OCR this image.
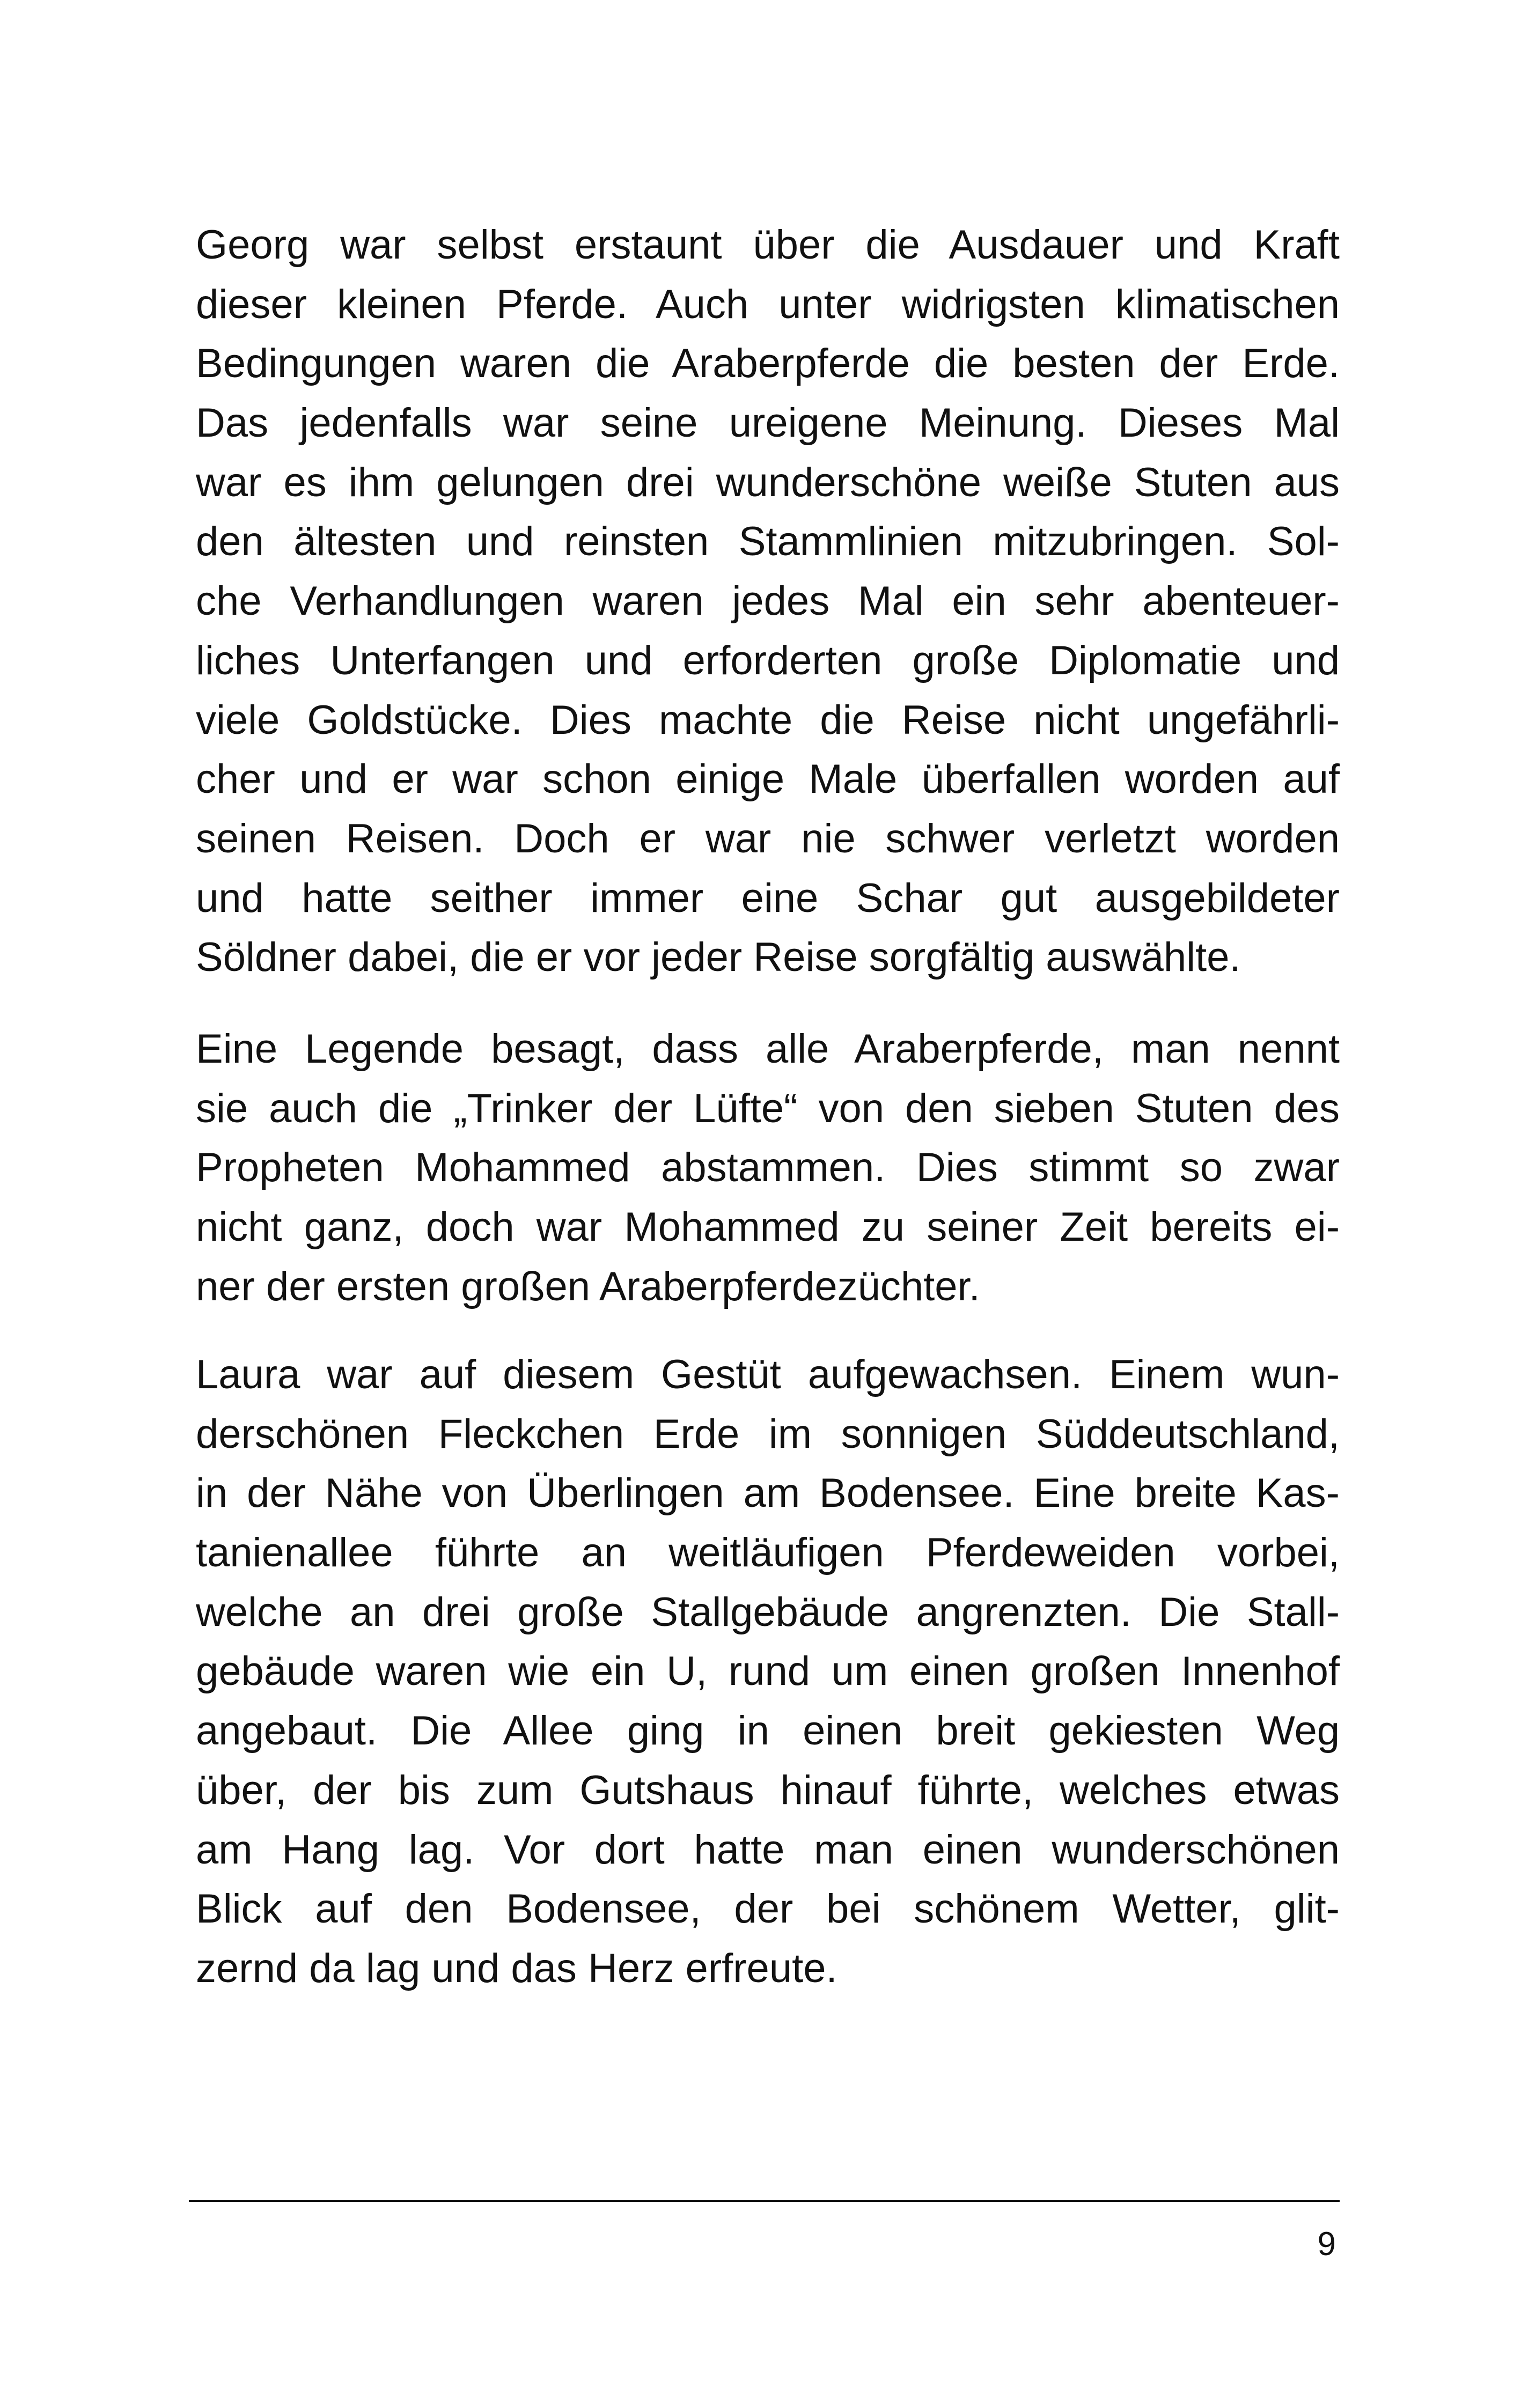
Georg war selbst erstaunt über die Ausdauer und Kraft
dieser kleinen Pferde. Auch unter widrigsten klimatischen
Bedingungen waren die Araberpferde die besten der Erde.
Das jedenfalls war seine ureigene Meinung. Dieses Mal
war es ihm gelungen drei wunderschöne weiße Stuten aus
den ältesten und reinsten Stammlinien mitzubringen. Sol-
che Verhandlungen waren jedes Mal ein sehr abenteuer-
liches Unterfangen und erforderten große Diplomatie und
viele Goldstücke. Dies machte die Reise nicht ungefährli-
cher und er war schon einige Male überfallen worden auf
seinen Reisen. Doch er war nie schwer verletzt worden
und hatte seither immer eine Schar gut ausgebildeter
Söldner dabei, die er vor jeder Reise sorgfältig auswählte.
Eine Legende besagt, dass alle Araberpferde, man nennt
sie auch die „Trinker der Lüfte“ von den sieben Stuten des
Propheten Mohammed abstammen. Dies stimmt so zwar
nicht ganz, doch war Mohammed zu seiner Zeit bereits ei-
ner der ersten großen Araberpferdezüchter.
Laura war auf diesem Gestüt aufgewachsen. Einem wun-
derschönen Fleckchen Erde im sonnigen Süddeutschland,
in der Nähe von Überlingen am Bodensee. Eine breite Kas-
tanienallee führte an weitläufigen Pferdeweiden vorbei,
welche an drei große Stallgebäude angrenzten. Die Stall-
gebäude waren wie ein U, rund um einen großen Innenhof
angebaut. Die Allee ging in einen breit gekiesten Weg
über, der bis zum Gutshaus hinauf führte, welches etwas
am Hang lag. Vor dort hatte man einen wunderschönen
Blick auf den Bodensee, der bei schönem Wetter, glit-
zernd da lag und das Herz erfreute.
9
